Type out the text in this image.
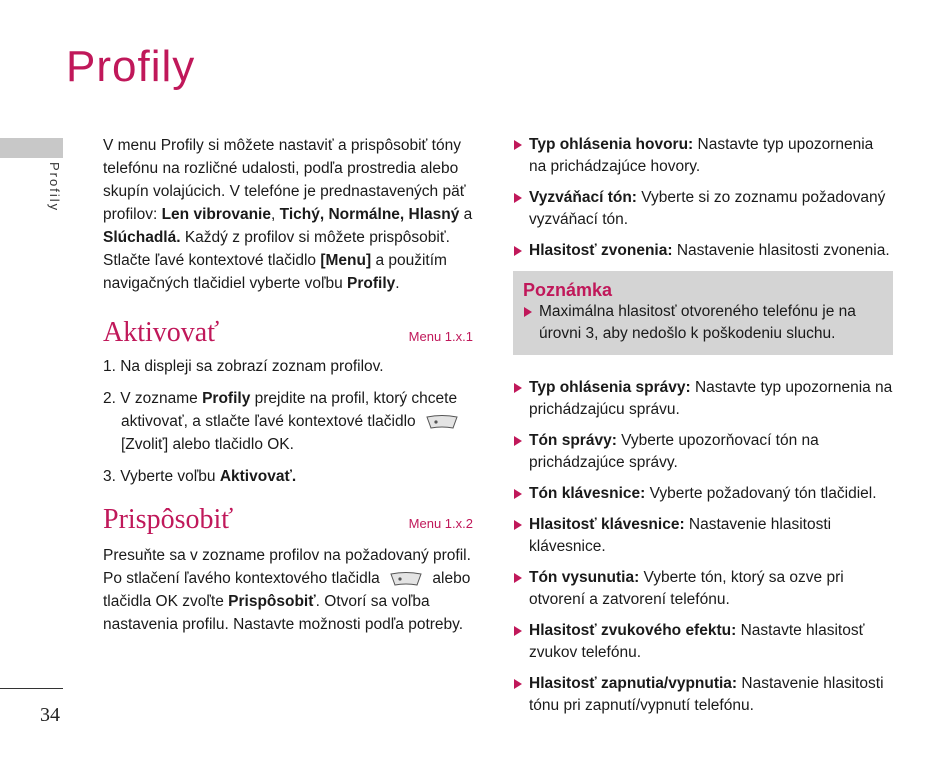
Profily
Profily
34

V menu Profily si môžete nastaviť a prispôsobiť tóny telefónu na rozličné udalosti, podľa prostredia alebo skupín volajúcich. V telefóne je prednastavených päť profilov: Len vibrovanie, Tichý, Normálne, Hlasný a Slúchadlá. Každý z profilov si môžete prispôsobiť. Stlačte ľavé kontextové tlačidlo [Menu] a použitím navigačných tlačidiel vyberte voľbu Profily.

Aktivovať	Menu 1.x.1
1. Na displeji sa zobrazí zoznam profilov.
2. V zozname Profily prejdite na profil, ktorý chcete aktivovať, a stlačte ľavé kontextové tlačidlo [Zvoliť] alebo tlačidlo OK.
3. Vyberte voľbu Aktivovať.
Prispôsobiť	Menu 1.x.2

Presuňte sa v zozname profilov na požadovaný profil. Po stlačení ľavého kontextového tlačidla	alebo tlačidla OK zvoľte Prispôsobiť. Otvorí sa voľba nastavenia profilu. Nastavte možnosti podľa potreby.

Typ ohlásenia hovoru: Nastavte typ upozornenia na prichádzajúce hovory.
Vyzváňací tón: Vyberte si zo zoznamu požadovaný vyzváňací tón.
Hlasitosť zvonenia: Nastavenie hlasitosti zvonenia.
Poznámka
Maximálna hlasitosť otvoreného telefónu je na úrovni 3, aby nedošlo k poškodeniu sluchu.
Typ ohlásenia správy: Nastavte typ upozornenia na prichádzajúcu správu.
Tón správy: Vyberte upozorňovací tón na prichádzajúce správy.
Tón klávesnice: Vyberte požadovaný tón tlačidiel.
Hlasitosť klávesnice: Nastavenie hlasitosti klávesnice.
Tón vysunutia: Vyberte tón, ktorý sa ozve pri otvorení a zatvorení telefónu.
Hlasitosť zvukového efektu: Nastavte hlasitosť zvukov telefónu.
Hlasitosť zapnutia/vypnutia: Nastavenie hlasitosti tónu pri zapnutí/vypnutí telefónu.
